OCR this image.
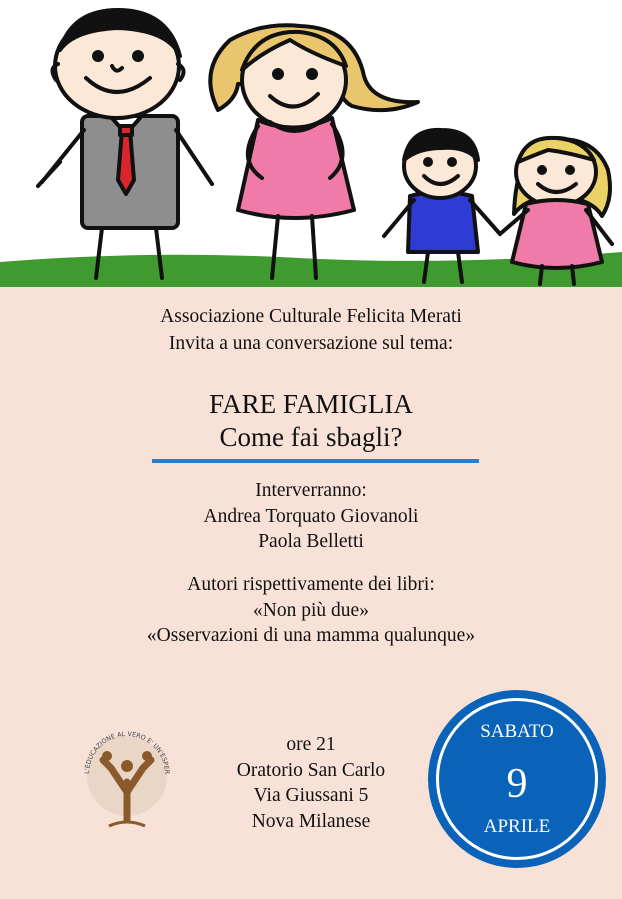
Associazione Culturale Felicita Merati
Invita a una conversazione sul tema:
FARE FAMIGLIA
Come fai sbagli?
Interverranno:
Andrea Torquato Giovanoli
Paola Belletti
Autori rispettivamente dei libri:
«Non più due»
«Osservazioni di una mamma qualunque»
L'EDUCAZIONE AL VERO E' UN'ESPER
ore 21
Oratorio San Carlo
Via Giussani 5
Nova Milanese
SABATO
9
APRILE
